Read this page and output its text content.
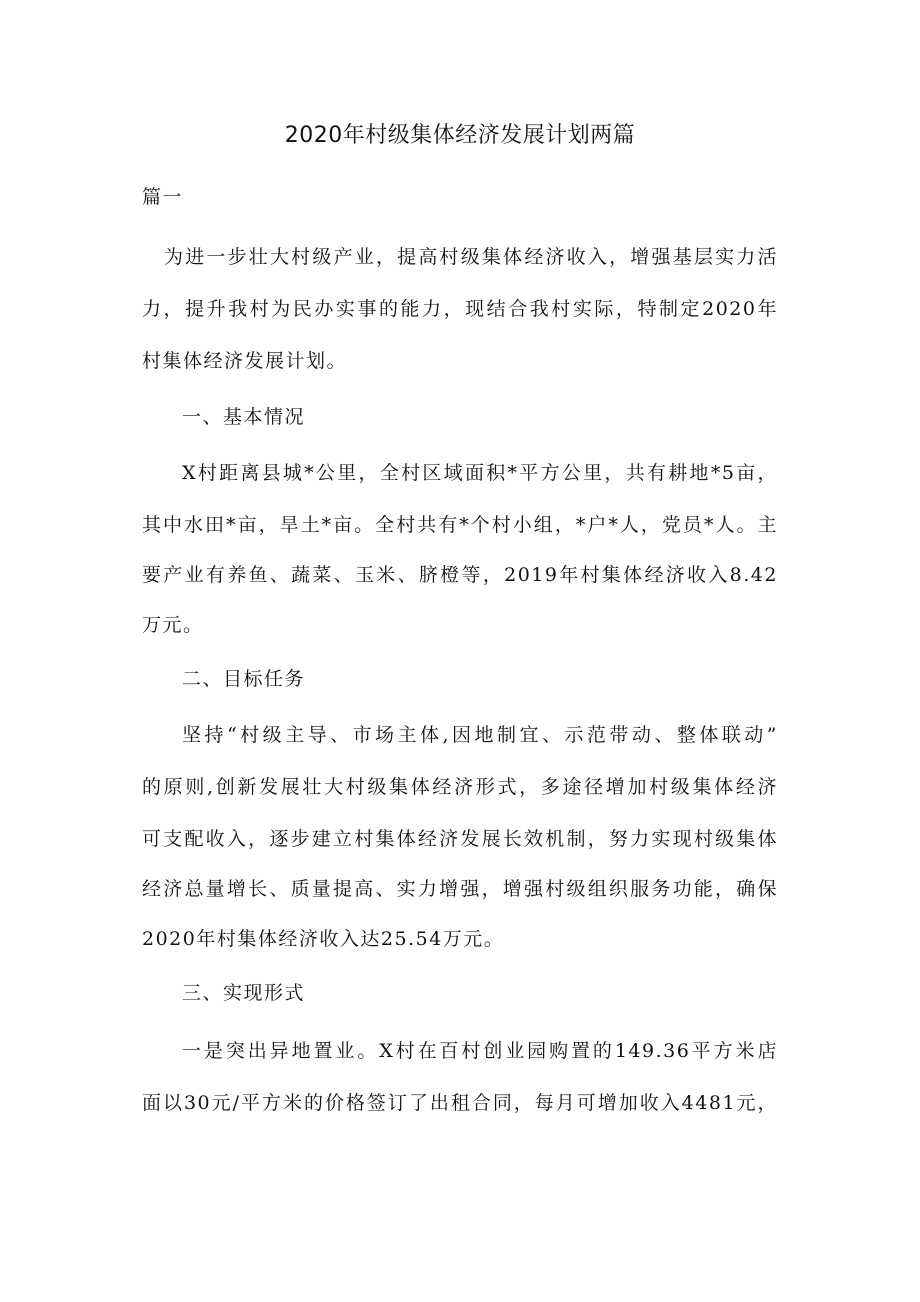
2020年村级集体经济发展计划两篇
篇一
为进一步壮大村级产业，提高村级集体经济收入，增强基层实力活
力，提升我村为民办实事的能力，现结合我村实际，特制定2020年
村集体经济发展计划。
一、基本情况
X村距离县城*公里，全村区域面积*平方公里，共有耕地*5亩，
其中水田*亩，旱土*亩。全村共有*个村小组，*户*人，党员*人。主
要产业有养鱼、蔬菜、玉米、脐橙等，2019年村集体经济收入8.42
万元。
二、目标任务
坚持“村级主导、市场主体,因地制宜、示范带动、整体联动”
的原则,创新发展壮大村级集体经济形式，多途径增加村级集体经济
可支配收入，逐步建立村集体经济发展长效机制，努力实现村级集体
经济总量增长、质量提高、实力增强，增强村级组织服务功能，确保
2020年村集体经济收入达25.54万元。
三、实现形式
一是突出异地置业。X村在百村创业园购置的149.36平方米店
面以30元/平方米的价格签订了出租合同，每月可增加收入4481元，
